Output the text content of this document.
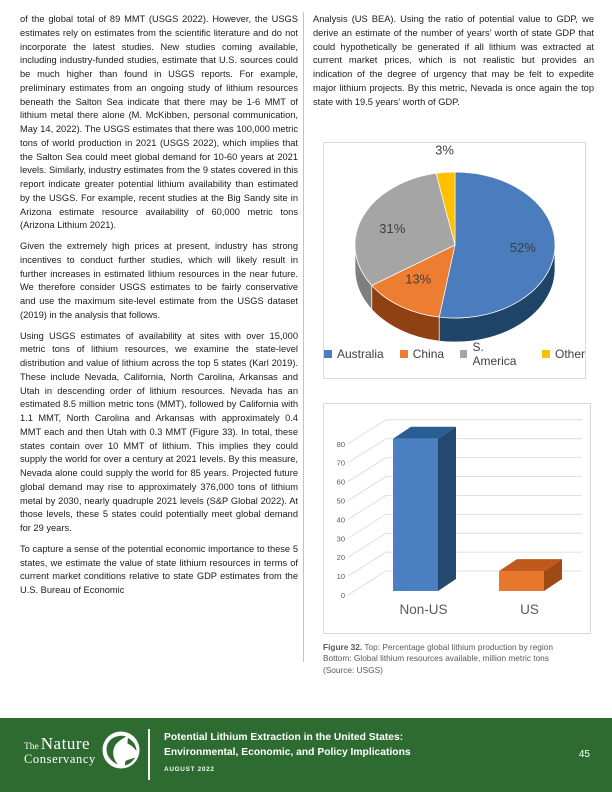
of the global total of 89 MMT (USGS 2022). However, the USGS estimates rely on estimates from the scientific literature and do not incorporate the latest studies. New studies coming available, including industry-funded studies, estimate that U.S. sources could be much higher than found in USGS reports. For example, preliminary estimates from an ongoing study of lithium resources beneath the Salton Sea indicate that there may be 1-6 MMT of lithium metal there alone (M. McKibben, personal communication, May 14, 2022). The USGS estimates that there was 100,000 metric tons of world production in 2021 (USGS 2022), which implies that the Salton Sea could meet global demand for 10-60 years at 2021 levels. Similarly, industry estimates from the 9 states covered in this report indicate greater potential lithium availability than estimated by the USGS. For example, recent studies at the Big Sandy site in Arizona estimate resource availability of 60,000 metric tons (Arizona Lithium 2021).

Given the extremely high prices at present, industry has strong incentives to conduct further studies, which will likely result in further increases in estimated lithium resources in the near future. We therefore consider USGS estimates to be fairly conservative and use the maximum site-level estimate from the USGS dataset (2019) in the analysis that follows.

Using USGS estimates of availability at sites with over 15,000 metric tons of lithium resources, we examine the state-level distribution and value of lithium across the top 5 states (Karl 2019). These include Nevada, California, North Carolina, Arkansas and Utah in descending order of lithium resources. Nevada has an estimated 8.5 million metric tons (MMT), followed by California with 1.1 MMT, North Carolina and Arkansas with approximately 0.4 MMT each and then Utah with 0.3 MMT (Figure 33). In total, these states contain over 10 MMT of lithium. This implies they could supply the world for over a century at 2021 levels. By this measure, Nevada alone could supply the world for 85 years. Projected future global demand may rise to approximately 376,000 tons of lithium metal by 2030, nearly quadruple 2021 levels (S&P Global 2022). At those levels, these 5 states could potentially meet global demand for 29 years.

To capture a sense of the potential economic importance to these 5 states, we estimate the value of state lithium resources in terms of current market conditions relative to state GDP estimates from the U.S. Bureau of Economic

Analysis (US BEA). Using the ratio of potential value to GDP, we derive an estimate of the number of years’ worth of state GDP that could hypothetically be generated if all lithium was extracted at current market prices, which is not realistic but provides an indication of the degree of urgency that may be felt to expedite major lithium projects. By this metric, Nevada is once again the top state with 19.5 years’ worth of GDP.
52%
13%
31%
3%
Australia China S. America	Other
0
10
20
30
40
50
60
70
80
Non-US	US
Figure 32. Top: Percentage global lithium production by region
Bottom: Global lithium resources available, million metric tons
(Source: USGS)
The Nature
Conservancy
Potential Lithium Extraction in the United States:
Environmental, Economic, and Policy Implications
AUGUST 2022
45
